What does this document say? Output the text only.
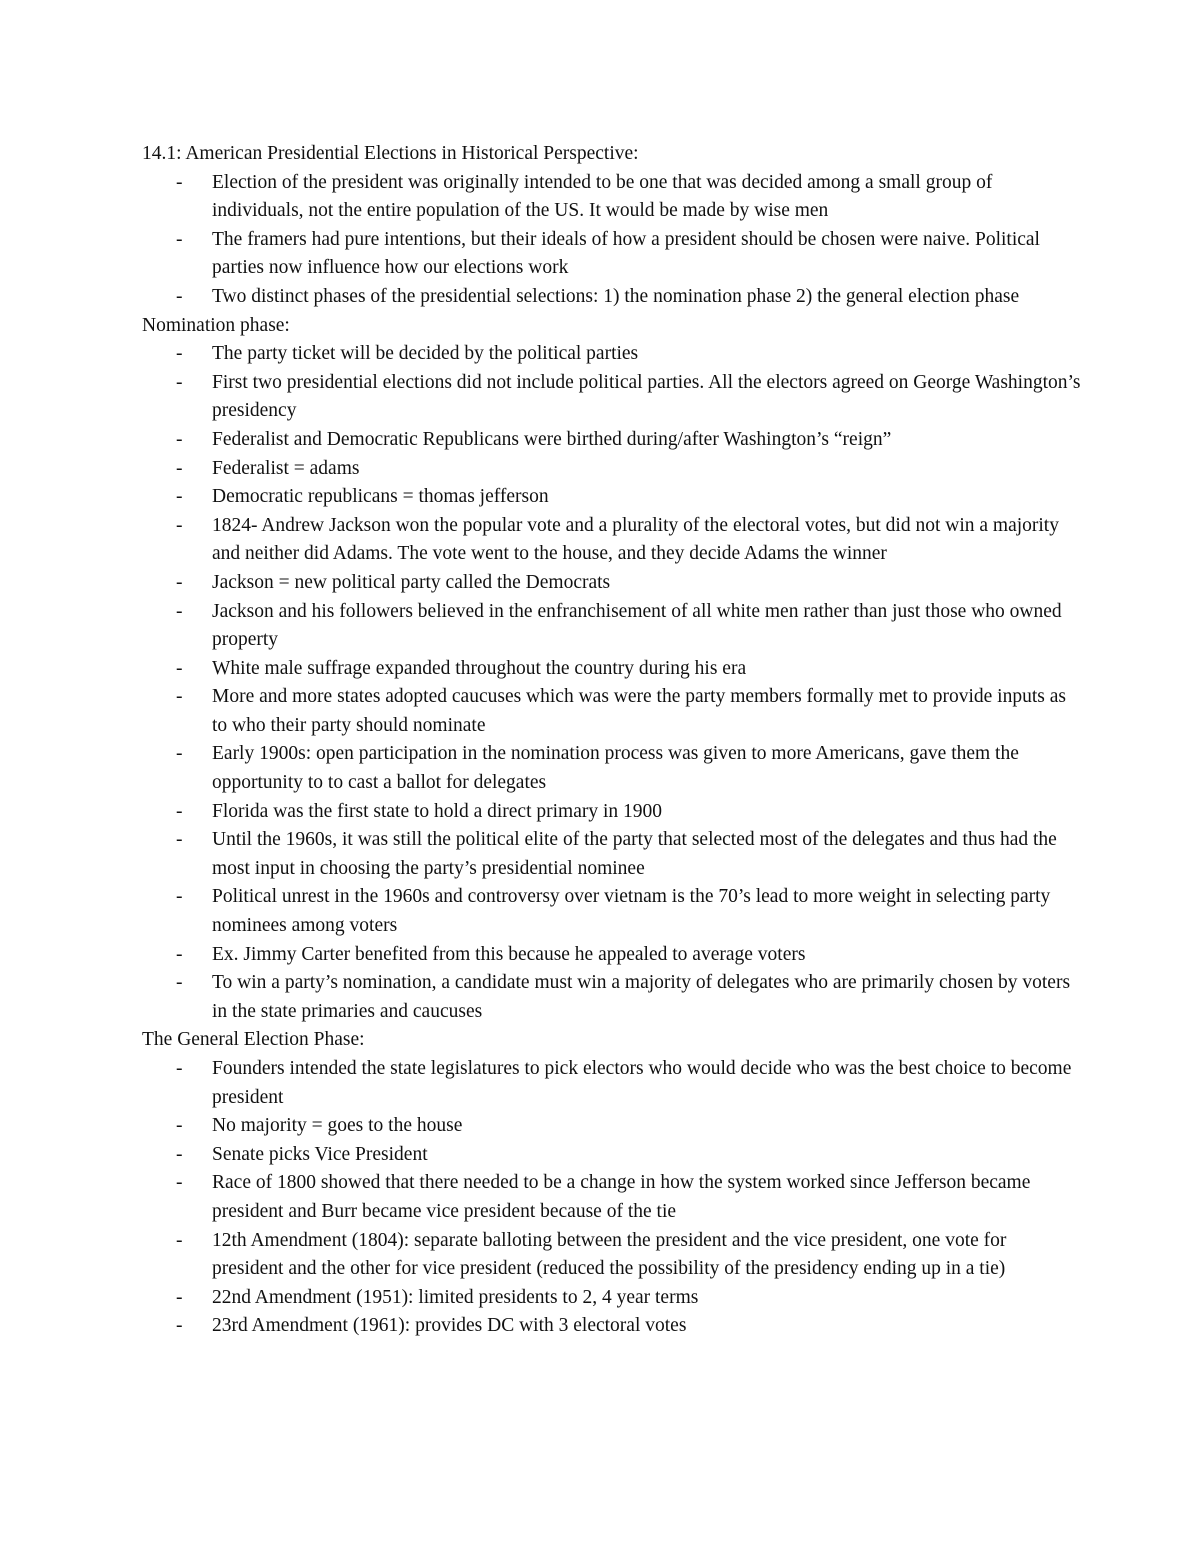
14.1: American Presidential Elections in Historical Perspective:

- Election of the president was originally intended to be one that was decided among a small group of individuals, not the entire population of the US. It would be made by wise men
- The framers had pure intentions, but their ideals of how a president should be chosen were naive. Political parties now influence how our elections work
- Two distinct phases of the presidential selections: 1) the nomination phase 2) the general election phase

Nomination phase:

- The party ticket will be decided by the political parties
- First two presidential elections did not include political parties. All the electors agreed on George Washington’s presidency
- Federalist and Democratic Republicans were birthed during/after Washington’s “reign”
- Federalist = adams
- Democratic republicans = thomas jefferson
- 1824- Andrew Jackson won the popular vote and a plurality of the electoral votes, but did not win a majority and neither did Adams. The vote went to the house, and they decide Adams the winner
- Jackson = new political party called the Democrats
- Jackson and his followers believed in the enfranchisement of all white men rather than just those who owned property
- White male suffrage expanded throughout the country during his era
- More and more states adopted caucuses which was were the party members formally met to provide inputs as to who their party should nominate
- Early 1900s: open participation in the nomination process was given to more Americans, gave them the opportunity to to cast a ballot for delegates
- Florida was the first state to hold a direct primary in 1900
- Until the 1960s, it was still the political elite of the party that selected most of the delegates and thus had the most input in choosing the party’s presidential nominee
- Political unrest in the 1960s and controversy over vietnam is the 70’s lead to more weight in selecting party nominees among voters
- Ex. Jimmy Carter benefited from this because he appealed to average voters
- To win a party’s nomination, a candidate must win a majority of delegates who are primarily chosen by voters in the state primaries and caucuses

The General Election Phase:

- Founders intended the state legislatures to pick electors who would decide who was the best choice to become president
- No majority = goes to the house
- Senate picks Vice President
- Race of 1800 showed that there needed to be a change in how the system worked since Jefferson became president and Burr became vice president because of the tie
- 12th Amendment (1804): separate balloting between the president and the vice president, one vote for president and the other for vice president (reduced the possibility of the presidency ending up in a tie)
- 22nd Amendment (1951): limited presidents to 2, 4 year terms
- 23rd Amendment (1961): provides DC with 3 electoral votes
